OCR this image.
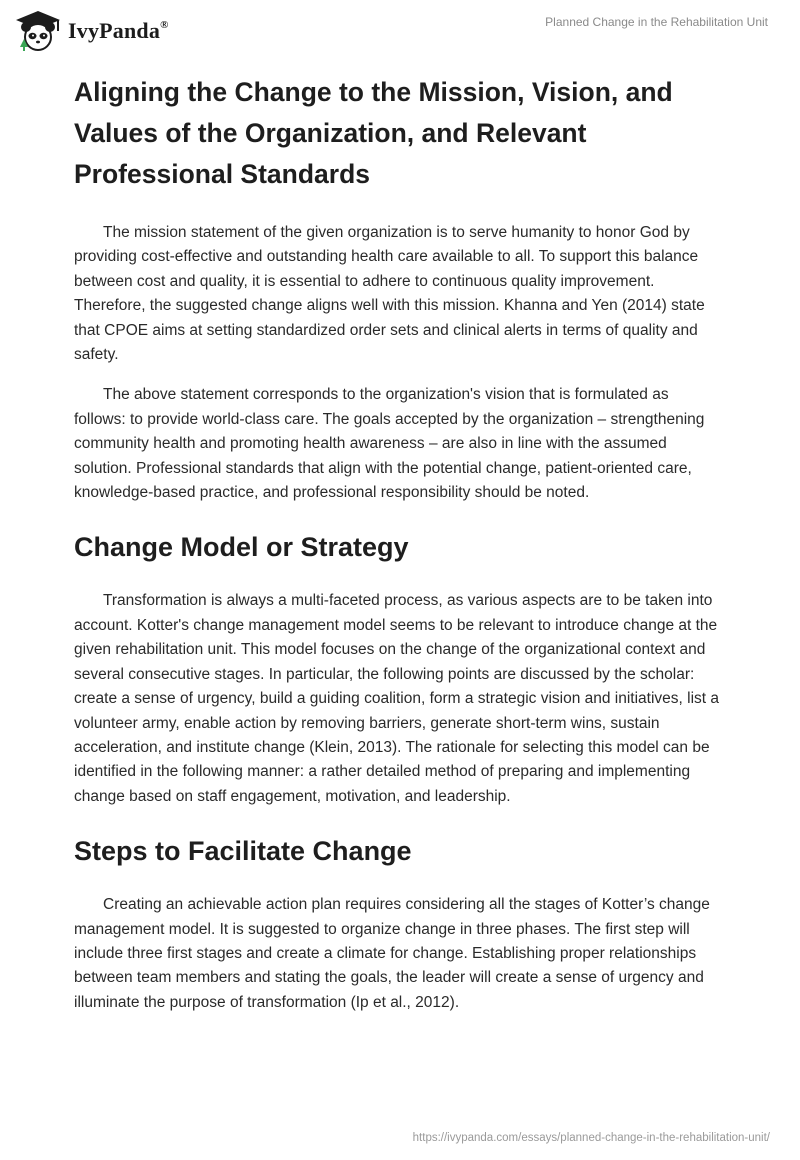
IvyPanda®	Planned Change in the Rehabilitation Unit
Aligning the Change to the Mission, Vision, and Values of the Organization, and Relevant Professional Standards

The mission statement of the given organization is to serve humanity to honor God by providing cost-effective and outstanding health care available to all. To support this balance between cost and quality, it is essential to adhere to continuous quality improvement. Therefore, the suggested change aligns well with this mission. Khanna and Yen (2014) state that CPOE aims at setting standardized order sets and clinical alerts in terms of quality and safety.

The above statement corresponds to the organization's vision that is formulated as follows: to provide world-class care. The goals accepted by the organization – strengthening community health and promoting health awareness – are also in line with the assumed solution. Professional standards that align with the potential change, patient-oriented care, knowledge-based practice, and professional responsibility should be noted.

Change Model or Strategy

Transformation is always a multi-faceted process, as various aspects are to be taken into account. Kotter's change management model seems to be relevant to introduce change at the given rehabilitation unit. This model focuses on the change of the organizational context and several consecutive stages. In particular, the following points are discussed by the scholar: create a sense of urgency, build a guiding coalition, form a strategic vision and initiatives, list a volunteer army, enable action by removing barriers, generate short-term wins, sustain acceleration, and institute change (Klein, 2013). The rationale for selecting this model can be identified in the following manner: a rather detailed method of preparing and implementing change based on staff engagement, motivation, and leadership.

Steps to Facilitate Change

Creating an achievable action plan requires considering all the stages of Kotter’s change management model. It is suggested to organize change in three phases. The first step will include three first stages and create a climate for change. Establishing proper relationships between team members and stating the goals, the leader will create a sense of urgency and illuminate the purpose of transformation (Ip et al., 2012).

https://ivypanda.com/essays/planned-change-in-the-rehabilitation-unit/
